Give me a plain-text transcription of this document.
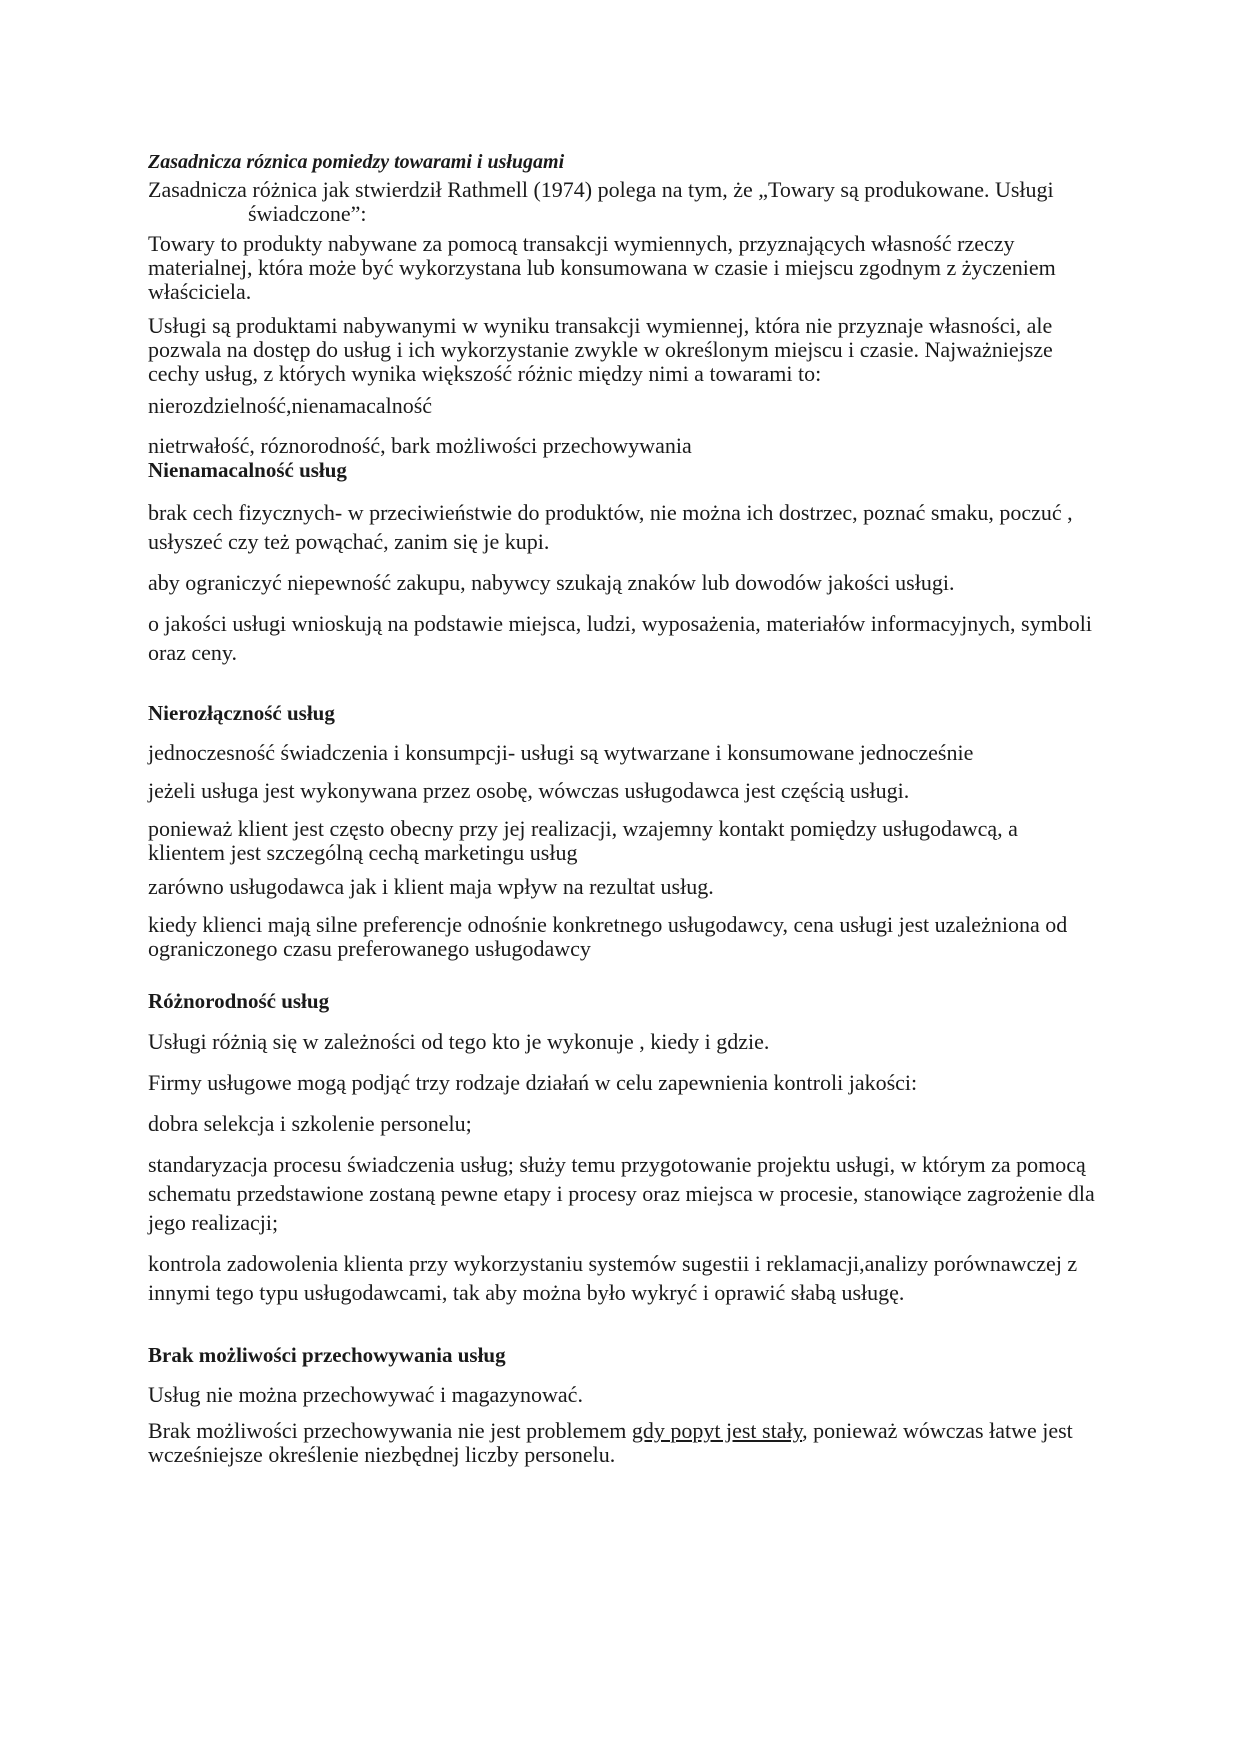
Zasadnicza róznica pomiedzy towarami i usługami

Zasadnicza różnica jak stwierdził Rathmell (1974) polega na tym, że „Towary są produkowane. Usługi świadczone”:

Towary to produkty nabywane za pomocą transakcji wymiennych, przyznających własność rzeczy materialnej, która może być wykorzystana lub konsumowana w czasie i miejscu zgodnym z życzeniem właściciela.

Usługi są produktami nabywanymi w wyniku transakcji wymiennej, która nie przyznaje własności, ale pozwala na dostęp do usług i ich wykorzystanie zwykle w określonym miejscu i czasie. Najważniejsze cechy usług, z których wynika większość różnic między nimi a towarami to:

nierozdzielność,nienamacalność

nietrwałość, róznorodność, bark możliwości przechowywania

Nienamacalność usług

brak cech fizycznych- w przeciwieństwie do produktów, nie można ich dostrzec, poznać smaku, poczuć , usłyszeć czy też powąchać, zanim się je kupi.

aby ograniczyć niepewność zakupu, nabywcy szukają znaków lub dowodów jakości usługi.

o jakości usługi wnioskują na podstawie miejsca, ludzi, wyposażenia, materiałów informacyjnych, symboli oraz ceny.

Nierozłączność usług

jednoczesność świadczenia i konsumpcji- usługi są wytwarzane i konsumowane jednocześnie

jeżeli usługa jest wykonywana przez osobę, wówczas usługodawca jest częścią usługi.

ponieważ klient jest często obecny przy jej realizacji, wzajemny kontakt pomiędzy usługodawcą, a klientem jest szczególną cechą marketingu usług

zarówno usługodawca jak i klient maja wpływ na rezultat usług.

kiedy klienci mają silne preferencje odnośnie konkretnego usługodawcy, cena usługi jest uzależniona od ograniczonego czasu preferowanego usługodawcy

Różnorodność usług

Usługi różnią się w zależności od tego kto je wykonuje , kiedy i gdzie.

Firmy usługowe mogą podjąć trzy rodzaje działań w celu zapewnienia kontroli jakości:

dobra selekcja i szkolenie personelu;

standaryzacja procesu świadczenia usług; służy temu przygotowanie projektu usługi, w którym za pomocą schematu przedstawione zostaną pewne etapy i procesy oraz miejsca w procesie, stanowiące zagrożenie dla jego realizacji;

kontrola zadowolenia klienta przy wykorzystaniu systemów sugestii i reklamacji,analizy porównawczej z innymi tego typu usługodawcami, tak aby można było wykryć i oprawić słabą usługę.

Brak możliwości przechowywania usług

Usług nie można przechowywać i magazynować.

Brak możliwości przechowywania nie jest problemem gdy popyt jest stały, ponieważ wówczas łatwe jest wcześniejsze określenie niezbędnej liczby personelu.
